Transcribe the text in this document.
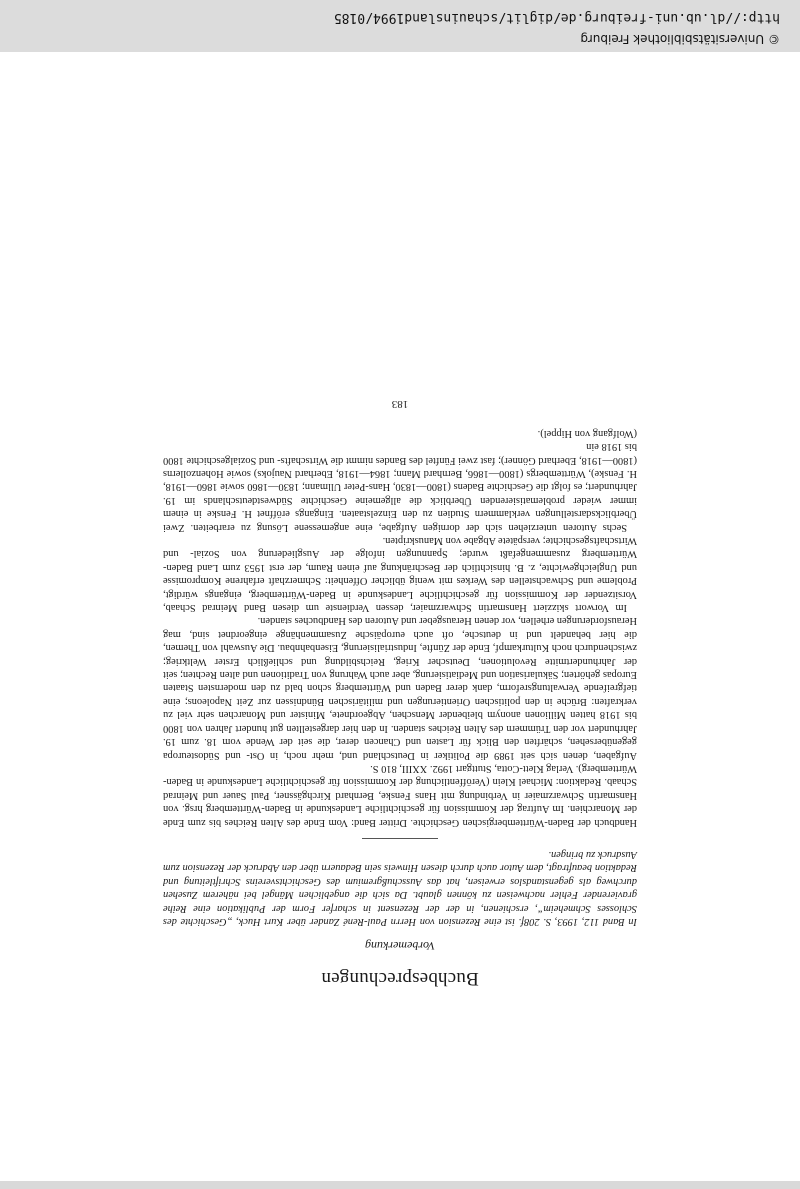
Buchbesprechungen
Vorbemerkung

In Band 112, 1993, S. 208f. ist eine Rezension von Herrn Paul-René Zander über Kurt Huck, „Geschichte des Schlosses Schmeheim“, erschienen, in der der Rezensent in scharfer Form der Publikation eine Reihe gravierender Fehler nachweisen zu können glaubt. Da sich die angeblichen Mängel bei näherem Zusehen durchweg als gegenstandslos erweisen, hat das Ausschußgremium des Geschichtsvereins Schriftleitung und Redaktion beauftragt, dem Autor auch durch diesen Hinweis sein Bedauern über den Abdruck der Rezension zum Ausdruck zu bringen.

Handbuch der Baden-Württembergischen Geschichte. Dritter Band: Vom Ende des Alten Reiches bis zum Ende der Monarchien. Im Auftrag der Kommission für geschichtliche Landeskunde in Baden-Württemberg hrsg. von Hansmartin Schwarzmaier in Verbindung mit Hans Fenske, Bernhard Kirchgässner, Paul Sauer und Meinrad Schaab. Redaktion: Michael Klein (Veröffentlichung der Kommission für geschichtliche Landeskunde in Baden-Württemberg). Verlag Klett-Cotta, Stuttgart 1992. XXIII, 810 S.

Aufgaben, denen sich seit 1989 die Politiker in Deutschland und, mehr noch, in Ost- und Südosteuropa gegenübersehen, schärften den Blick für Lasten und Chancen derer, die seit der Wende vom 18. zum 19. Jahrhundert vor den Trümmern des Alten Reiches standen. In den hier dargestellten gut hundert Jahren von 1800 bis 1918 hatten Millionen anonym bleibender Menschen, Abgeordnete, Minister und Monarchen sehr viel zu verkraften: Brüche in den politischen Orientierungen und militärischen Bündnissen zur Zeit Napoleons; eine tiefgreifende Verwaltungsreform, dank derer Baden und Württemberg schon bald zu den modernsten Staaten Europas gehörten; Säkularisation und Mediatisierung, aber auch Wahrung von Traditionen und alten Rechten; seit der Jahrhundertmitte Revolutionen, Deutscher Krieg, Reichsbildung und schließlich Erster Weltkrieg; zwischendurch noch Kulturkampf, Ende der Zünfte, Industrialisierung, Eisenbahnbau. Die Auswahl von Themen, die hier behandelt und in deutsche, oft auch europäische Zusammenhänge eingeordnet sind, mag Herausforderungen erhellen, vor denen Herausgeber und Autoren des Handbuches standen.

Im Vorwort skizziert Hansmartin Schwarzmaier, dessen Verdienste um diesen Band Meinrad Schaab, Vorsitzender der Kommission für geschichtliche Landeskunde in Baden-Württemberg, eingangs würdigt, Probleme und Schwachstellen des Werkes mit wenig üblicher Offenheit: Schmerzhaft erfahrene Kompromisse und Ungleichgewichte, z. B. hinsichtlich der Beschränkung auf einen Raum, der erst 1953 zum Land Baden-Württemberg zusammengefaßt wurde; Spannungen infolge der Ausgliederung von Sozial- und Wirtschaftsgeschichte; verspätete Abgabe von Manuskripten.

Sechs Autoren unterziehen sich der dornigen Aufgabe, eine angemessene Lösung zu erarbeiten. Zwei Überblicksdarstellungen verklammern Studien zu den Einzelstaaten. Eingangs eröffnet H. Fenske in einem immer wieder problematisierenden Überblick die allgemeine Geschichte Südwestdeutschlands im 19. Jahrhundert; es folgt die Geschichte Badens (1800—1830, Hans-Peter Ullmann; 1830—1860 sowie 1860—1918, H. Fenske), Württembergs (1800—1866, Bernhard Mann; 1864—1918, Eberhard Naujoks) sowie Hohenzollerns (1800—1918, Eberhard Gönner); fast zwei Fünftel des Bandes nimmt die Wirtschafts- und Sozialgeschichte 1800 bis 1918 ein

(Wolfgang von Hippel).

183
© Universitätsbibliothek Freiburg
http://dl.ub.uni-freiburg.de/diglit/schauinsland1994/0185
